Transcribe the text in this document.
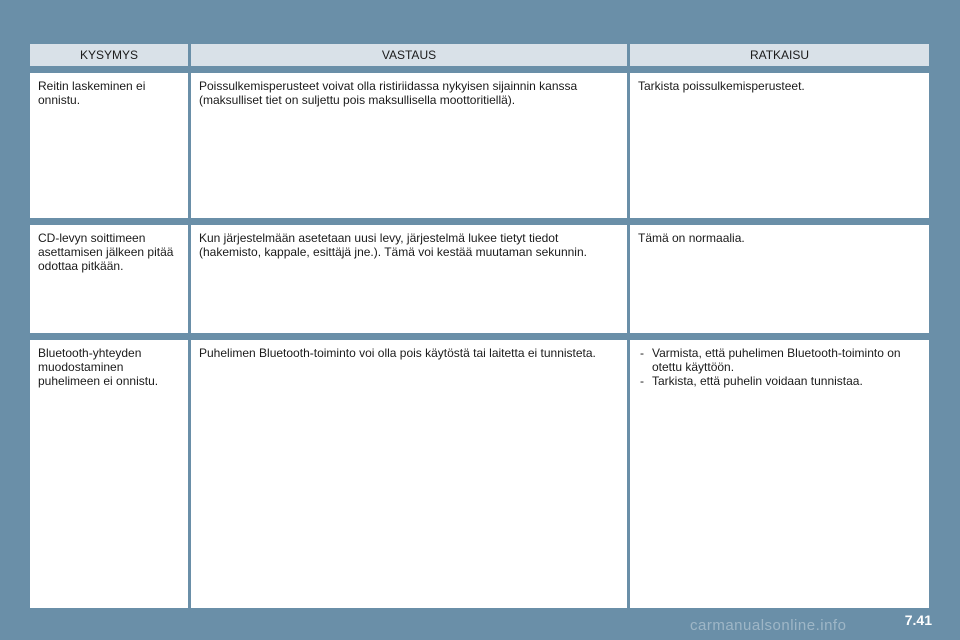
KYSYMYS	VASTAUS	RATKAISU
Reitin laskeminen ei onnistu.
Poissulkemisperusteet voivat olla ristiriidassa nykyisen sijainnin kanssa (maksulliset tiet on suljettu pois maksullisella moottoritiellä).
Tarkista poissulkemisperusteet.
CD-levyn soittimeen asettamisen jälkeen pitää odottaa pitkään.
Kun järjestelmään asetetaan uusi levy, järjestelmä lukee tietyt tiedot (hakemisto, kappale, esittäjä jne.). Tämä voi kestää muutaman sekunnin.
Tämä on normaalia.
Bluetooth-yhteyden muodostaminen puhelimeen ei onnistu.
Puhelimen Bluetooth-toiminto voi olla pois käytöstä tai laitetta ei tunnisteta.
-	Varmista, että puhelimen Bluetooth-toiminto on otettu käyttöön.
- Tarkista, että puhelin voidaan tunnistaa.
carmanualsonline.info	7.41
